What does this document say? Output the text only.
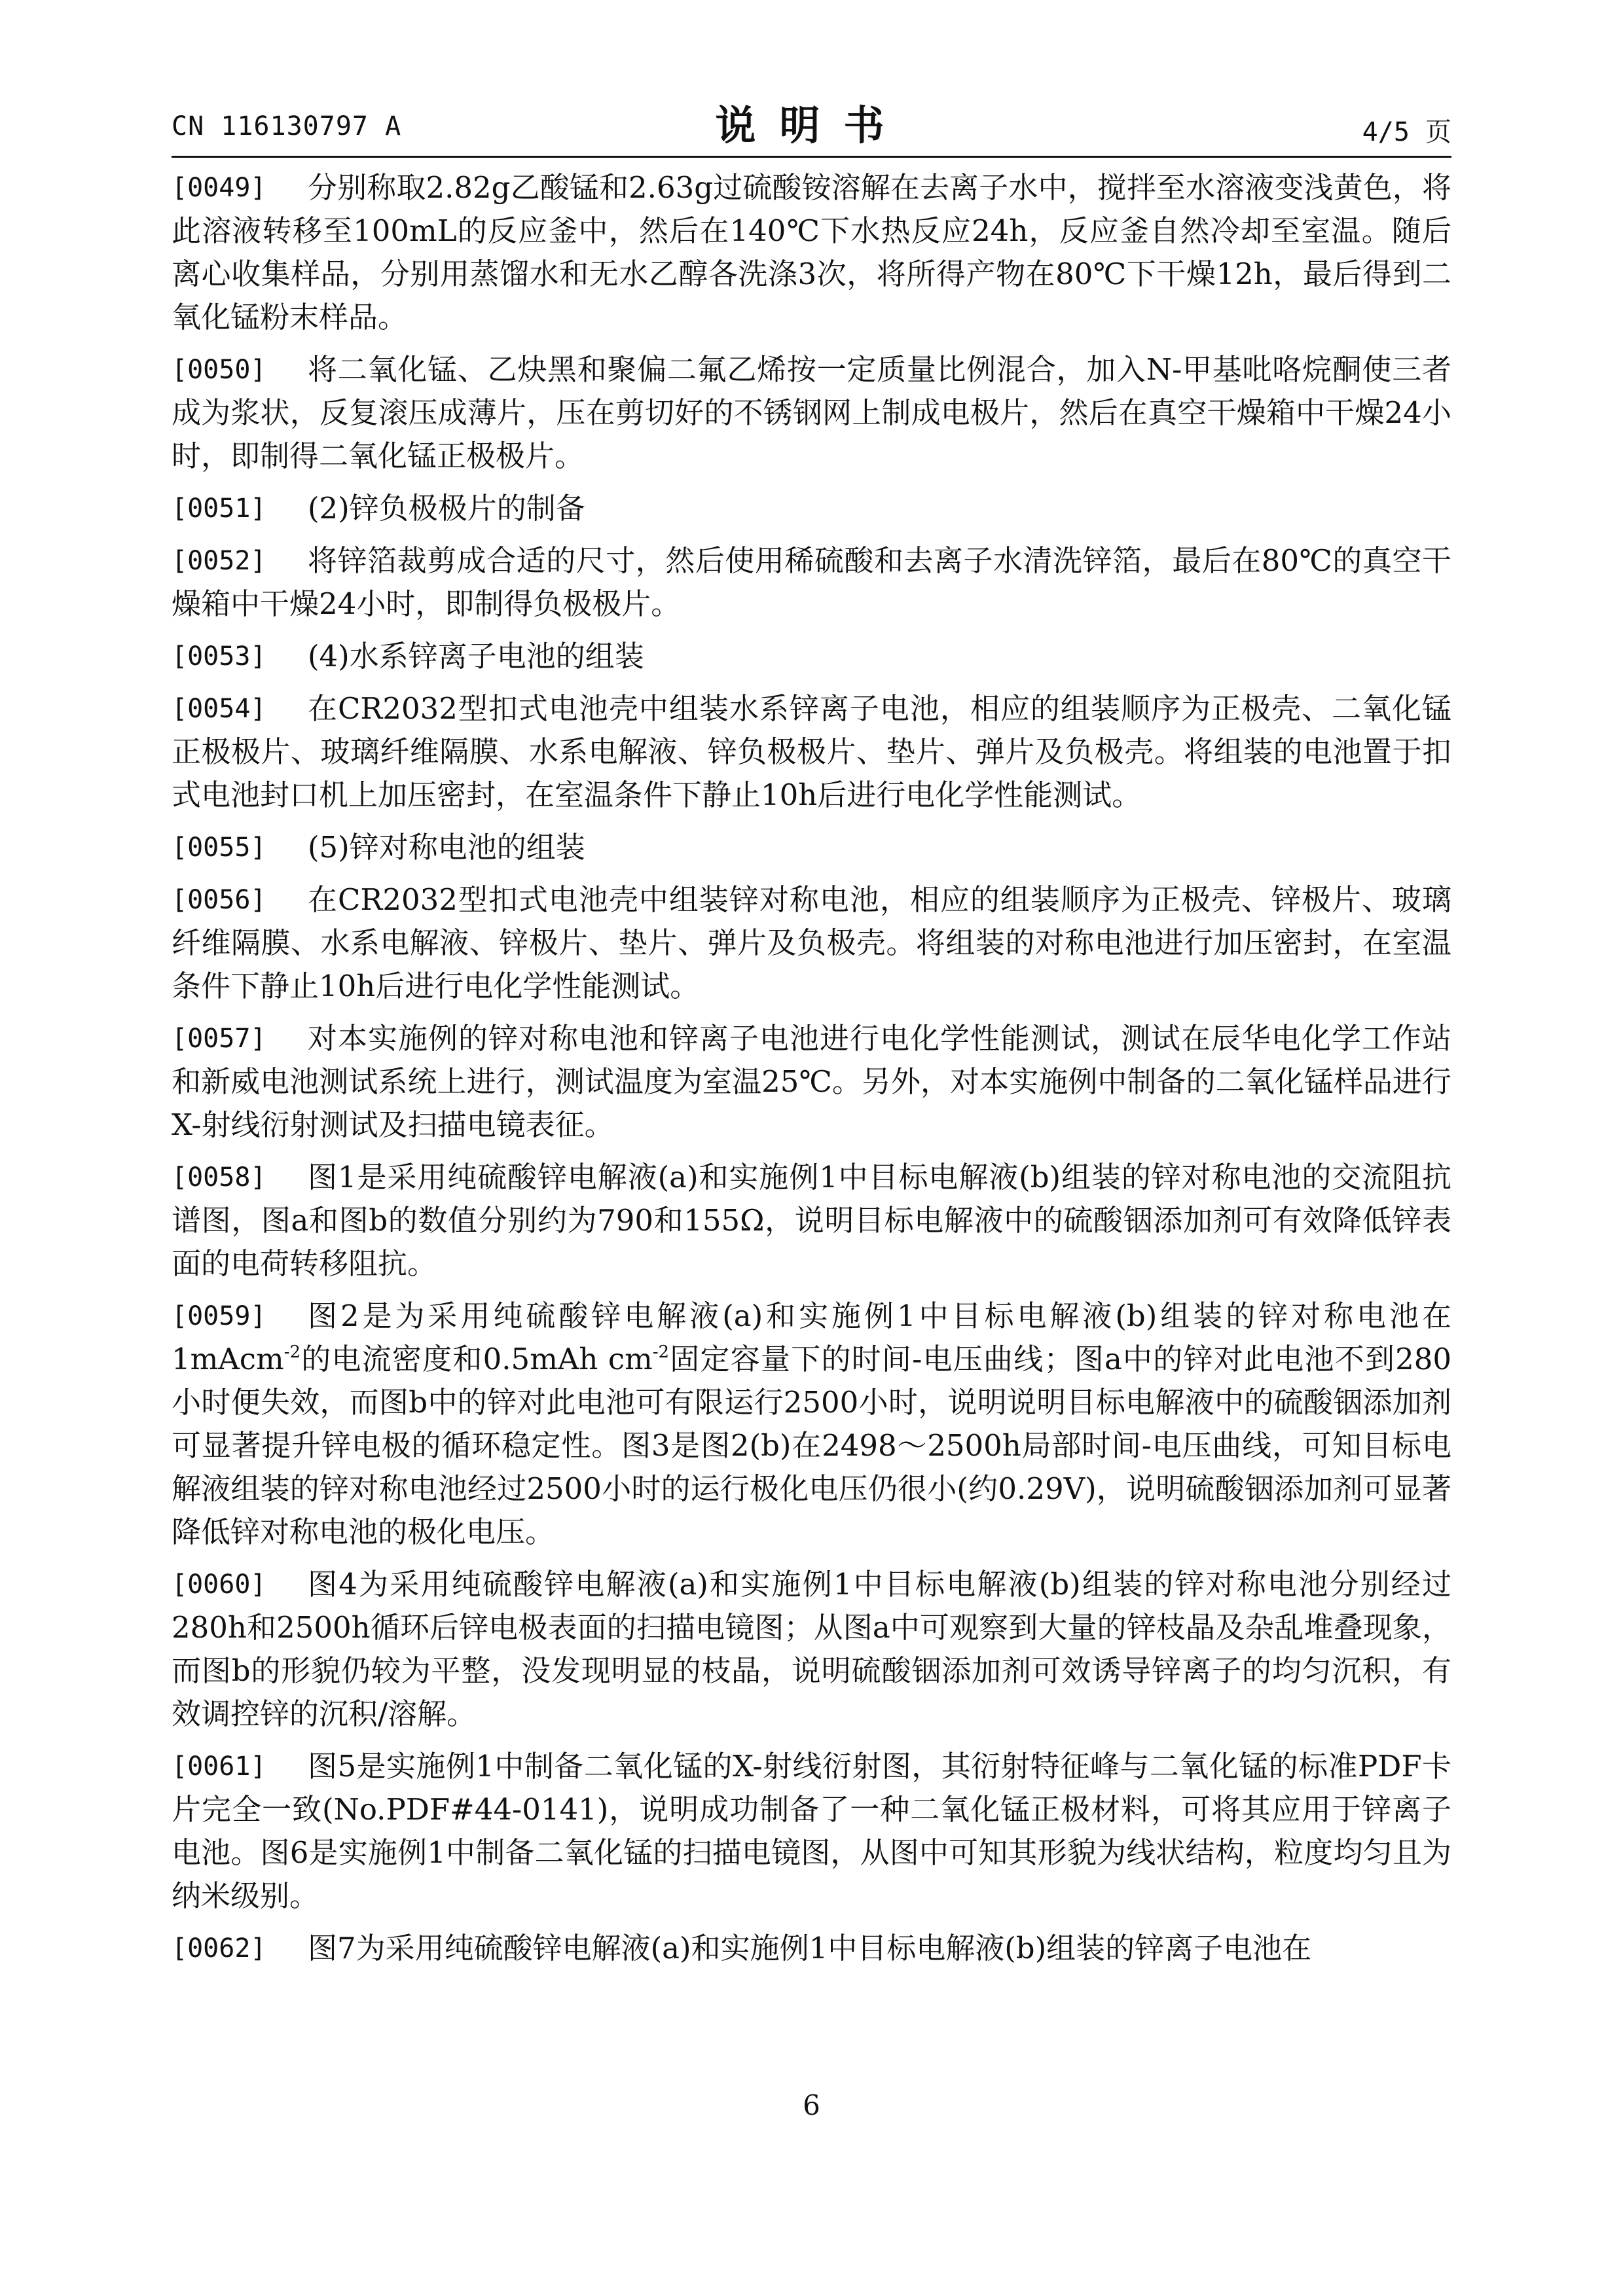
CN 116130797 A	说明书	4/5 页

[0049] 分别称取2.82g乙酸锰和2.63g过硫酸铵溶解在去离子水中，搅拌至水溶液变浅黄色，将此溶液转移至100mL的反应釜中，然后在140℃下水热反应24h，反应釜自然冷却至室温。随后离心收集样品，分别用蒸馏水和无水乙醇各洗涤3次，将所得产物在80℃下干燥12h，最后得到二氧化锰粉末样品。

[0050] 将二氧化锰、乙炔黑和聚偏二氟乙烯按一定质量比例混合，加入N-甲基吡咯烷酮使三者成为浆状，反复滚压成薄片，压在剪切好的不锈钢网上制成电极片，然后在真空干燥箱中干燥24小时，即制得二氧化锰正极极片。

[0051] (2)锌负极极片的制备

[0052] 将锌箔裁剪成合适的尺寸，然后使用稀硫酸和去离子水清洗锌箔，最后在80℃的真空干燥箱中干燥24小时，即制得负极极片。

[0053] (4)水系锌离子电池的组装

[0054] 在CR2032型扣式电池壳中组装水系锌离子电池，相应的组装顺序为正极壳、二氧化锰正极极片、玻璃纤维隔膜、水系电解液、锌负极极片、垫片、弹片及负极壳。将组装的电池置于扣式电池封口机上加压密封，在室温条件下静止10h后进行电化学性能测试。

[0055] (5)锌对称电池的组装

[0056] 在CR2032型扣式电池壳中组装锌对称电池，相应的组装顺序为正极壳、锌极片、玻璃纤维隔膜、水系电解液、锌极片、垫片、弹片及负极壳。将组装的对称电池进行加压密封，在室温条件下静止10h后进行电化学性能测试。

[0057] 对本实施例的锌对称电池和锌离子电池进行电化学性能测试，测试在辰华电化学工作站和新威电池测试系统上进行，测试温度为室温25℃。另外，对本实施例中制备的二氧化锰样品进行X-射线衍射测试及扫描电镜表征。

[0058] 图1是采用纯硫酸锌电解液(a)和实施例1中目标电解液(b)组装的锌对称电池的交流阻抗谱图，图a和图b的数值分别约为790和155Ω，说明目标电解液中的硫酸铟添加剂可有效降低锌表面的电荷转移阻抗。

[0059] 图2是为采用纯硫酸锌电解液(a)和实施例1中目标电解液(b)组装的锌对称电池在1mAcm$^{-2}$的电流密度和0.5mAh $cm^{-2}$固定容量下的时间-电压曲线；图a中的锌对此电池不到280小时便失效，而图b中的锌对此电池可有限运行2500小时，说明说明目标电解液中的硫酸铟添加剂可显著提升锌电极的循环稳定性。图3是图2(b)在2498～2500h局部时间-电压曲线，可知目标电解液组装的锌对称电池经过2500小时的运行极化电压仍很小(约0.29V)，说明硫酸铟添加剂可显著降低锌对称电池的极化电压。

[0060] 图4为采用纯硫酸锌电解液(a)和实施例1中目标电解液(b)组装的锌对称电池分别经过280h和2500h循环后锌电极表面的扫描电镜图；从图a中可观察到大量的锌枝晶及杂乱堆叠现象，而图b的形貌仍较为平整，没发现明显的枝晶，说明硫酸铟添加剂可效诱导锌离子的均匀沉积，有效调控锌的沉积/溶解。

[0061] 图5是实施例1中制备二氧化锰的X-射线衍射图，其衍射特征峰与二氧化锰的标准PDF卡片完全一致(No.PDF#44-0141)，说明成功制备了一种二氧化锰正极材料，可将其应用于锌离子电池。图6是实施例1中制备二氧化锰的扫描电镜图，从图中可知其形貌为线状结构，粒度均匀且为纳米级别。

[0062] 图7为采用纯硫酸锌电解液(a)和实施例1中目标电解液(b)组装的锌离子电池在

6
